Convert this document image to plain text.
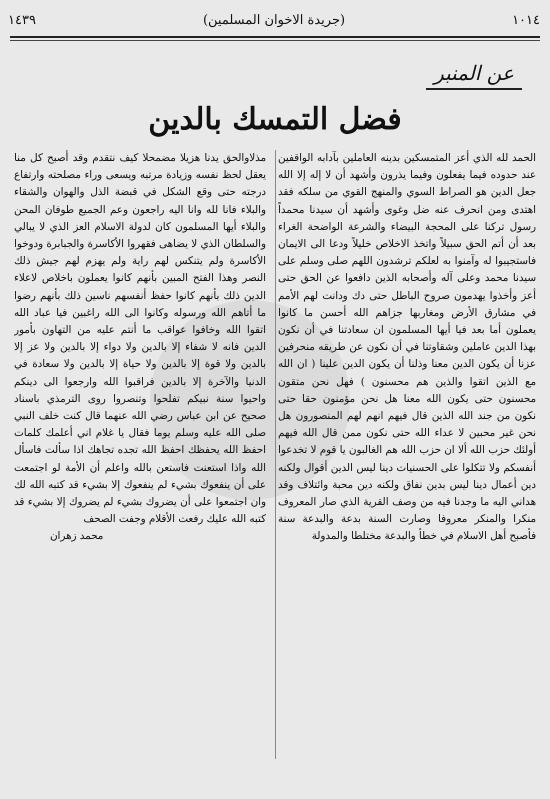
١٠١٤
(جريدة الاخوان المسلمين)
١٤٣٩
عن المنبر
فضل التمسك بالدين

الحمد لله الذي أعز المتمسكين بدينه العاملين بآدابه الواقفين عند حدوده فيما يفعلون وفيما يذرون وأشهد أن لا إله إلا الله جعل الدين هو الصراط السوي والمنهج القوي من سلكه فقد اهتدى ومن انحرف عنه ضل وغوى وأشهد أن سيدنا محمداً رسول تركنا على المحجة البيضاء والشرعة الواضحة الغراء بعد أن أتم الحق سبيلاً واتخذ الاخلاص خليلاً ودعا الى الايمان فاستجيبوا له وآمنوا به لعلكم ترشدون اللهم صلى وسلم على سيدنا محمد وعلى آله وأصحابه الذين دافعوا عن الحق حتى أعز وأخذوا يهدمون صروح الباطل حتى دك ودانت لهم الأمم في مشارق الأرض ومغاربها جزاهم الله أحسن ما كانوا يعملون أما بعد فيا أيها المسلمون ان سعادتنا في أن نكون بهذا الدين عاملين وشقاوتنا في أن نكون عن طريقه منحرفين عزنا أن يكون الدين معنا وذلنا أن يكون الدين علينا ( ان الله مع الذين اتقوا والذين هم محسنون ) فهل نحن متقون محسنون حتى يكون الله معنا هل نحن مؤمنون حقا حتى نكون من جند الله الذين قال فيهم انهم لهم المنصورون هل نحن غير محبين لا عداء الله حتى نكون ممن قال الله فيهم أولئك حزب الله ألا ان حزب الله هم الغالبون يا قوم لا تخدعوا أنفسكم ولا تتكلوا على الحسنيات دينا ليس الدين أقوال ولكنه دين أعمال دينا ليس بدين نفاق ولكنه دين محبة وائتلاف وقد هداني اليه ما وجدنا فيه من وصف القرية الذي صار المعروف منكرا والمنكر معروفا وصارت السنة بدعة والبدعة سنة فأصبح أهل الاسلام في خطأ والبدعة مختلطا والمدولة

مذلاوالحق يدنا هزيلا مضمحلا كيف نتقدم وقد أصبح كل منا يعقل لحظ نفسه وزيادة مرتبه ويسعى وراء مصلحته وارتفاع درجته حتى وقع الشكل في قبضة الذل والهوان والشقاء والبلاء فانا لله وانا اليه راجعون وعم الجميع طوفان المحن والبلاء أيها المسلمون كان لدولة الاسلام العز الذي لا يبالي والسلطان الذي لا يضاهى فقهروا الأكاسرة والجبابرة ودوخوا الأكاسرة ولم يتنكس لهم راية ولم يهزم لهم جيش ذلك النصر وهذا الفتح المبين بأنهم كانوا يعملون باخلاص لاعلاء الدين ذلك بأنهم كانوا حفظ أنفسهم ناسين ذلك بأنهم رضوا ما أتاهم الله ورسوله وكانوا الى الله راغبين فيا عباد الله اتقوا الله وخافوا عواقب ما أنتم عليه من التهاون بأمور الدين فانه لا شفاء إلا بالدين ولا دواء إلا بالدين ولا عز إلا بالدين ولا قوة إلا بالدين ولا حياة إلا بالدين ولا سعادة في الدنيا والآخرة إلا بالدين فراقبوا الله وارجعوا الى دينكم واحيوا سنة نبيكم تفلحوا وتنصروا روى الترمذي باسناد صحيح عن ابن عباس رضي الله عنهما قال كنت خلف النبي صلى الله عليه وسلم يوما فقال يا غلام اني أعلمك كلمات احفظ الله يحفظك احفظ الله تجده تجاهك اذا سألت فاسأل الله واذا استعنت فاستعن بالله واعلم أن الأمة لو اجتمعت على أن ينفعوك بشيء لم ينفعوك إلا بشيء قد كتبه الله لك وان اجتمعوا على أن يضروك بشيء لم يضروك إلا بشيء قد كتبه الله عليك رفعت الأقلام وجفت الصحف

محمد زهران
